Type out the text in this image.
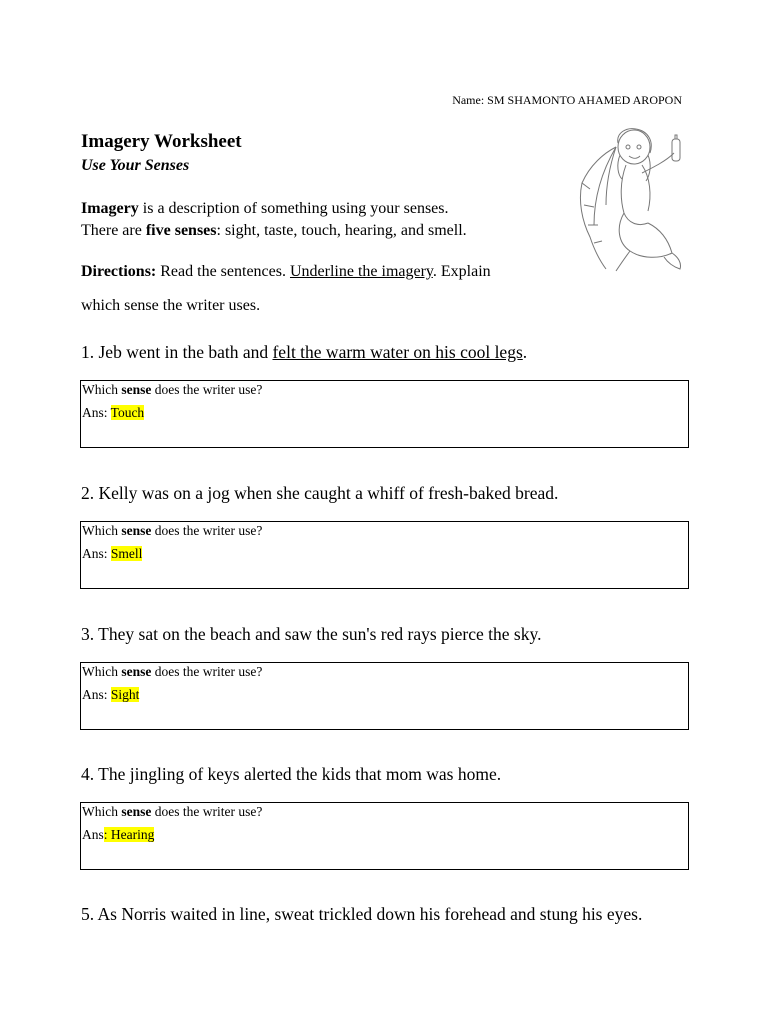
Name: SM SHAMONTO AHAMED AROPON
Imagery Worksheet
Use Your Senses
Imagery is a description of something using your senses.
There are five senses: sight, taste, touch, hearing, and smell.
Directions: Read the sentences. Underline the imagery. Explain
which sense the writer uses.
1. Jeb went in the bath and felt the warm water on his cool legs.
Which sense does the writer use?
Ans: Touch
2. Kelly was on a jog when she caught a whiff of fresh-baked bread.
Which sense does the writer use?
Ans: Smell
3. They sat on the beach and saw the sun's red rays pierce the sky.
Which sense does the writer use?
Ans: Sight
4. The jingling of keys alerted the kids that mom was home.
Which sense does the writer use?
Ans: Hearing
5. As Norris waited in line, sweat trickled down his forehead and stung his eyes.
